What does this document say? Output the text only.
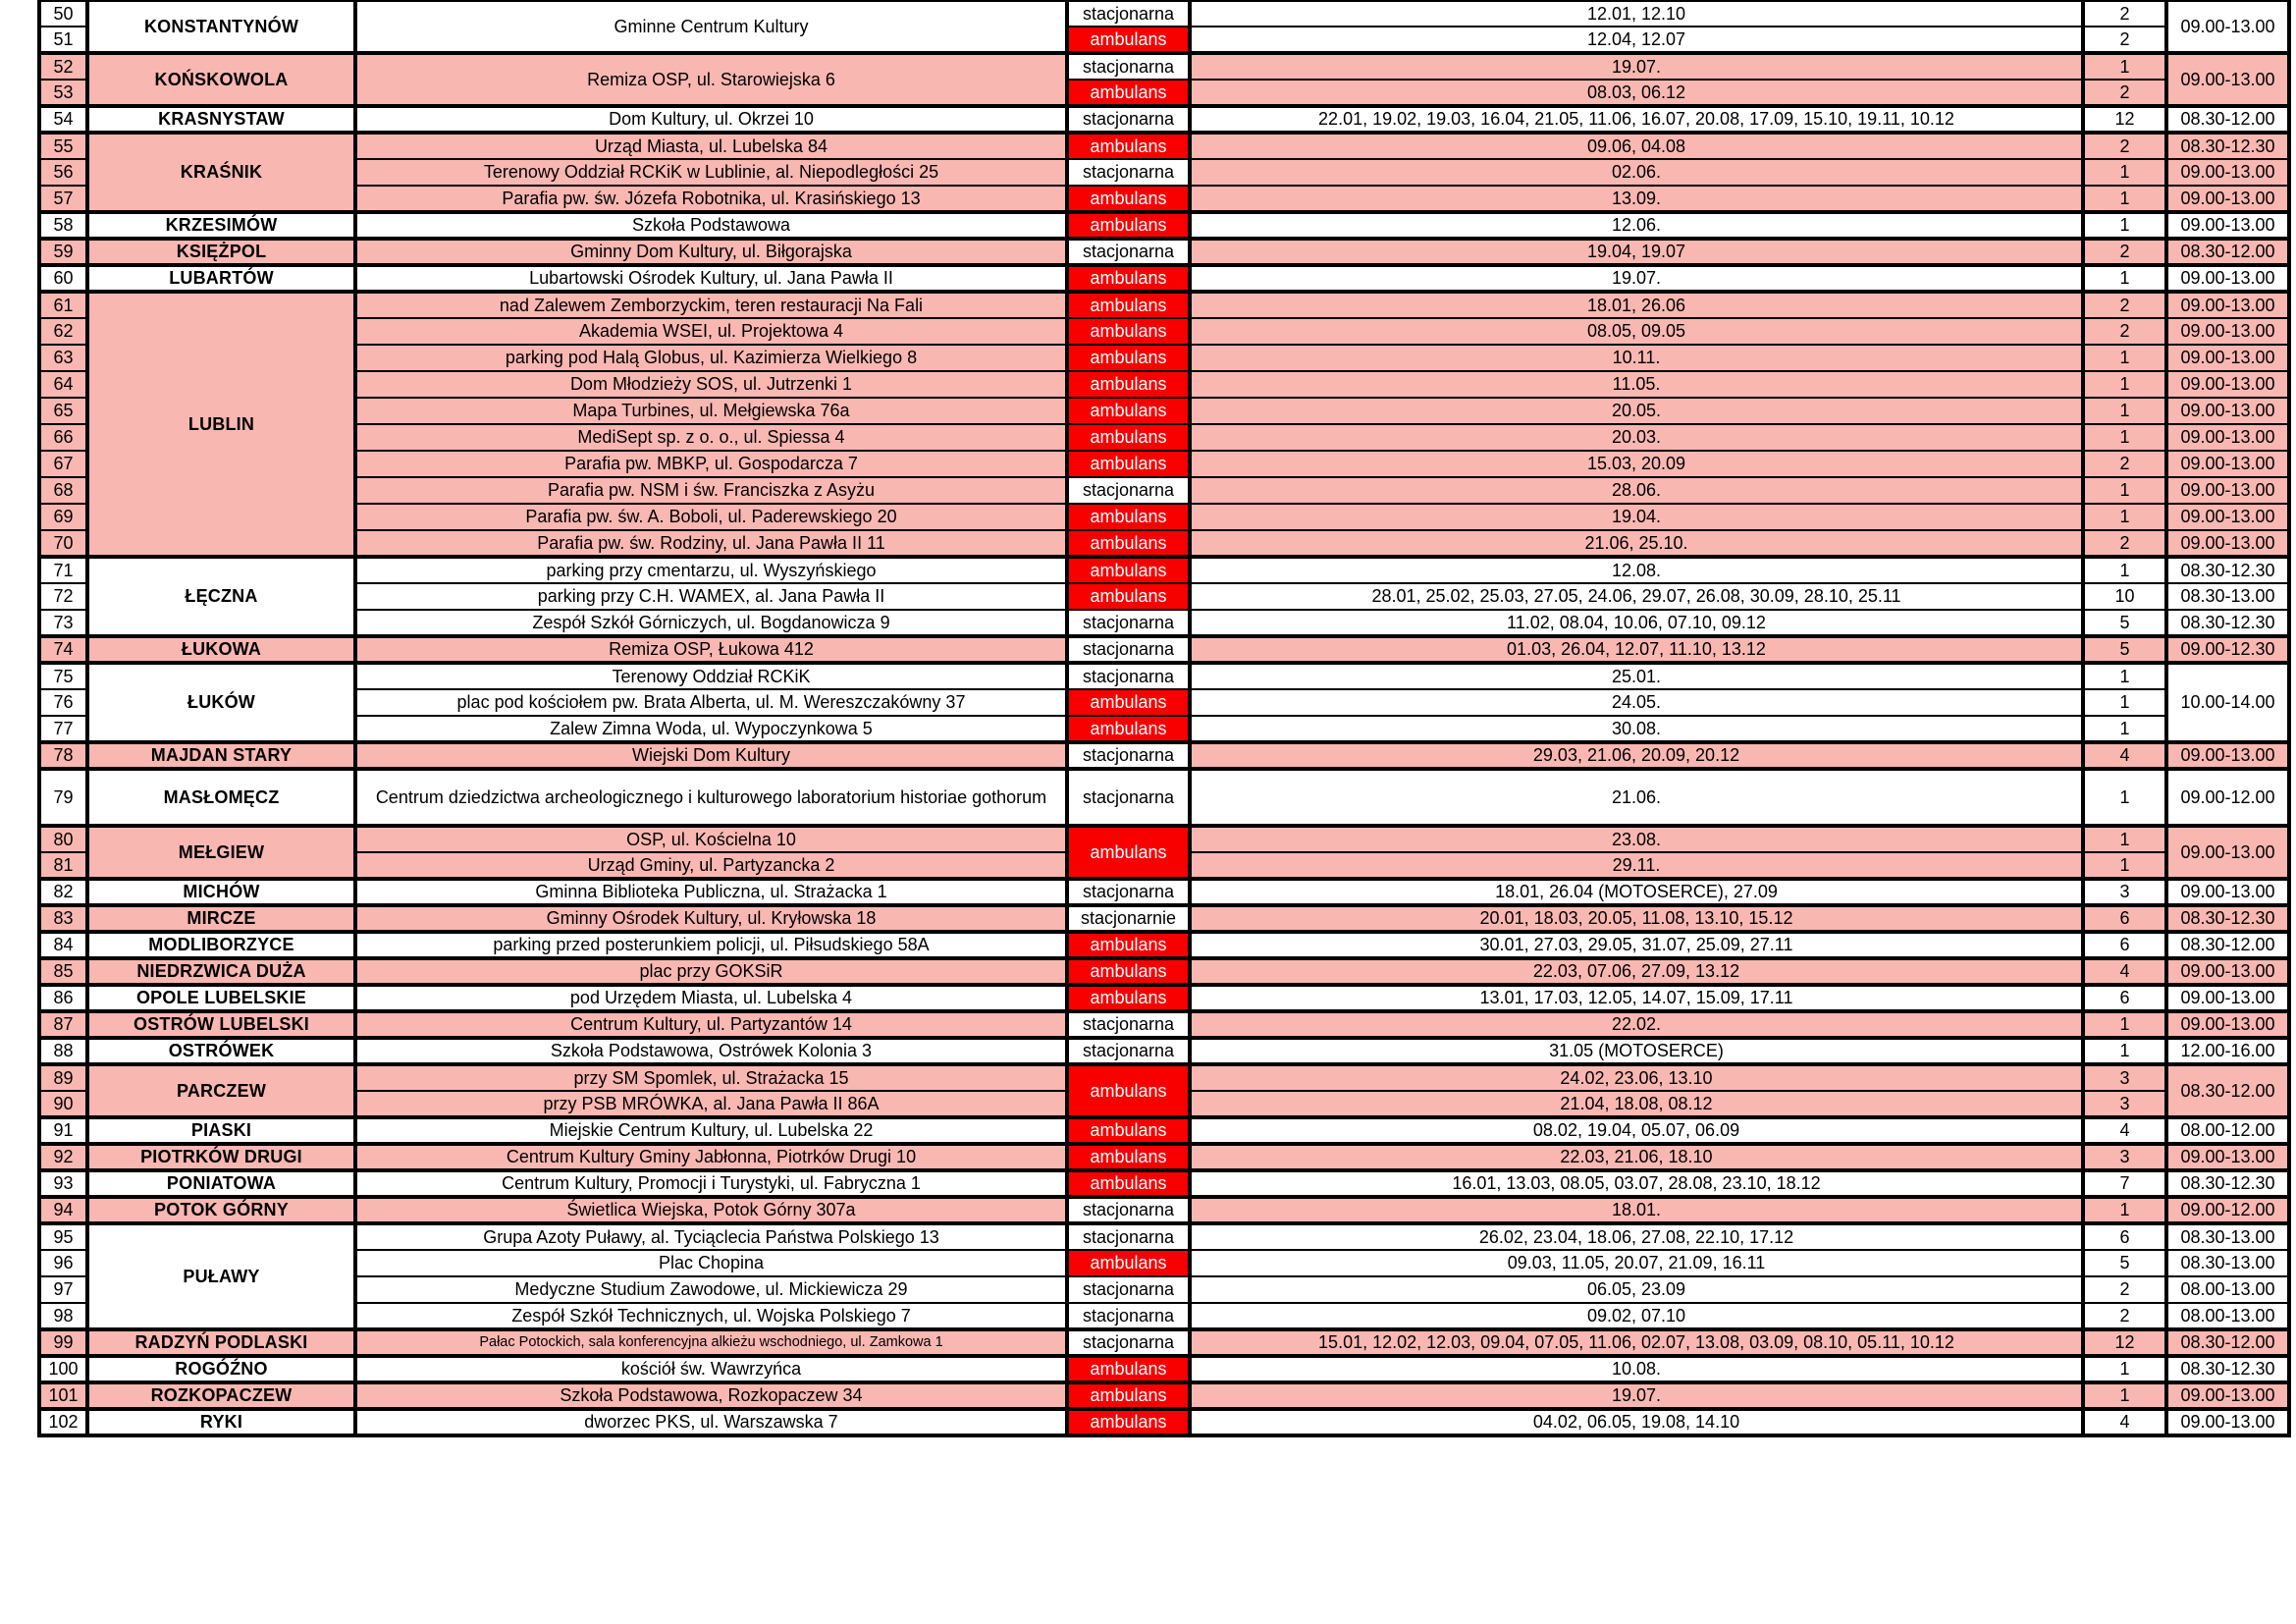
50	KONSTANTYNÓW	Gminne Centrum Kultury	stacjonarna	12.01, 12.10	2	09.00-13.00
51			ambulans	12.04, 12.07	2	
52	KOŃSKOWOLA	Remiza OSP, ul. Starowiejska 6	stacjonarna	19.07.	1	09.00-13.00
53			ambulans	08.03, 06.12	2	
54	KRASNYSTAW	Dom Kultury, ul. Okrzei 10	stacjonarna	22.01, 19.02, 19.03, 16.04, 21.05, 11.06, 16.07, 20.08, 17.09, 15.10, 19.11, 10.12	12	08.30-12.00
55	KRAŚNIK	Urząd Miasta, ul. Lubelska 84	ambulans	09.06, 04.08	2	08.30-12.30
56		Terenowy Oddział RCKiK w Lublinie, al. Niepodległości 25	stacjonarna	02.06.	1	09.00-13.00
57		Parafia pw. św. Józefa Robotnika, ul. Krasińskiego 13	ambulans	13.09.	1	09.00-13.00
58	KRZESIMÓW	Szkoła Podstawowa	ambulans	12.06.	1	09.00-13.00
59	KSIĘŻPOL	Gminny Dom Kultury, ul. Biłgorajska	stacjonarna	19.04, 19.07	2	08.30-12.00
60	LUBARTÓW	Lubartowski Ośrodek Kultury, ul. Jana Pawła II	ambulans	19.07.	1	09.00-13.00
61	LUBLIN	nad Zalewem Zemborzyckim, teren restauracji Na Fali	ambulans	18.01, 26.06	2	09.00-13.00
62		Akademia WSEI, ul. Projektowa 4	ambulans	08.05, 09.05	2	09.00-13.00
63		parking pod Halą Globus, ul. Kazimierza Wielkiego 8	ambulans	10.11.	1	09.00-13.00
64		Dom Młodzieży SOS, ul. Jutrzenki 1	ambulans	11.05.	1	09.00-13.00
65		Mapa Turbines, ul. Mełgiewska 76a	ambulans	20.05.	1	09.00-13.00
66		MediSept sp. z o. o., ul. Spiessa 4	ambulans	20.03.	1	09.00-13.00
67		Parafia pw. MBKP, ul. Gospodarcza 7	ambulans	15.03, 20.09	2	09.00-13.00
68		Parafia pw. NSM i św. Franciszka z Asyżu	stacjonarna	28.06.	1	09.00-13.00
69		Parafia pw. św. A. Boboli, ul. Paderewskiego 20	ambulans	19.04.	1	09.00-13.00
70		Parafia pw. św. Rodziny, ul. Jana Pawła II 11	ambulans	21.06, 25.10.	2	09.00-13.00
71	ŁĘCZNA	parking przy cmentarzu, ul. Wyszyńskiego	ambulans	12.08.	1	08.30-12.30
72		parking przy C.H. WAMEX, al. Jana Pawła II	ambulans	28.01, 25.02, 25.03, 27.05, 24.06, 29.07, 26.08, 30.09, 28.10, 25.11	10	08.30-13.00
73		Zespół Szkół Górniczych, ul. Bogdanowicza 9	stacjonarna	11.02, 08.04, 10.06, 07.10, 09.12	5	08.30-12.30
74	ŁUKOWA	Remiza OSP, Łukowa 412	stacjonarna	01.03, 26.04, 12.07, 11.10, 13.12	5	09.00-12.30
75	ŁUKÓW	Terenowy Oddział RCKiK	stacjonarna	25.01.	1	10.00-14.00
76		plac pod kościołem pw. Brata Alberta, ul. M. Wereszczakówny 37	ambulans	24.05.	1	
77		Zalew Zimna Woda, ul. Wypoczynkowa 5	ambulans	30.08.	1	
78	MAJDAN STARY	Wiejski Dom Kultury	stacjonarna	29.03, 21.06, 20.09, 20.12	4	09.00-13.00
79	MASŁOMĘCZ	Centrum dziedzictwa archeologicznego i kulturowego laboratorium historiae gothorum	stacjonarna	21.06.	1	09.00-12.00
80	MEŁGIEW	OSP, ul. Kościelna 10	ambulans	23.08.	1	09.00-13.00
81		Urząd Gminy, ul. Partyzancka 2		29.11.	1	
82	MICHÓW	Gminna Biblioteka Publiczna, ul. Strażacka 1	stacjonarna	18.01, 26.04 (MOTOSERCE), 27.09	3	09.00-13.00
83	MIRCZE	Gminny Ośrodek Kultury, ul. Kryłowska 18	stacjonarnie	20.01, 18.03, 20.05, 11.08, 13.10, 15.12	6	08.30-12.30
84	MODLIBORZYCE	parking przed posterunkiem policji, ul. Piłsudskiego 58A	ambulans	30.01, 27.03, 29.05, 31.07, 25.09, 27.11	6	08.30-12.00
85	NIEDRZWICA DUŻA	plac przy GOKSiR	ambulans	22.03, 07.06, 27.09, 13.12	4	09.00-13.00
86	OPOLE LUBELSKIE	pod Urzędem Miasta, ul. Lubelska 4	ambulans	13.01, 17.03, 12.05, 14.07, 15.09, 17.11	6	09.00-13.00
87	OSTRÓW LUBELSKI	Centrum Kultury, ul. Partyzantów 14	stacjonarna	22.02.	1	09.00-13.00
88	OSTRÓWEK	Szkoła Podstawowa, Ostrówek Kolonia 3	stacjonarna	31.05 (MOTOSERCE)	1	12.00-16.00
89	PARCZEW	przy SM Spomlek, ul. Strażacka 15	ambulans	24.02, 23.06, 13.10	3	08.30-12.00
90		przy PSB MRÓWKA, al. Jana Pawła II 86A		21.04, 18.08, 08.12	3	
91	PIASKI	Miejskie Centrum Kultury, ul. Lubelska 22	ambulans	08.02, 19.04, 05.07, 06.09	4	08.00-12.00
92	PIOTRKÓW DRUGI	Centrum Kultury Gminy Jabłonna, Piotrków Drugi 10	ambulans	22.03, 21.06, 18.10	3	09.00-13.00
93	PONIATOWA	Centrum Kultury, Promocji i Turystyki, ul. Fabryczna 1	ambulans	16.01, 13.03, 08.05, 03.07, 28.08, 23.10, 18.12	7	08.30-12.30
94	POTOK GÓRNY	Świetlica Wiejska, Potok Górny 307a	stacjonarna	18.01.	1	09.00-12.00
95	PUŁAWY	Grupa Azoty Puławy, al. Tyciąclecia Państwa Polskiego 13	stacjonarna	26.02, 23.04, 18.06, 27.08, 22.10, 17.12	6	08.30-13.00
96		Plac Chopina	ambulans	09.03, 11.05, 20.07, 21.09, 16.11	5	08.30-13.00
97		Medyczne Studium Zawodowe, ul. Mickiewicza 29	stacjonarna	06.05, 23.09	2	08.00-13.00
98		Zespół Szkół Technicznych, ul. Wojska Polskiego 7	stacjonarna	09.02, 07.10	2	08.00-13.00
99	RADZYŃ PODLASKI	Pałac Potockich, sala konferencyjna alkieżu wschodniego, ul. Zamkowa 1	stacjonarna	15.01, 12.02, 12.03, 09.04, 07.05, 11.06, 02.07, 13.08, 03.09, 08.10, 05.11, 10.12	12	08.30-12.00
100	ROGÓŹNO	kościół św. Wawrzyńca	ambulans	10.08.	1	08.30-12.30
101	ROZKOPACZEW	Szkoła Podstawowa, Rozkopaczew 34	ambulans	19.07.	1	09.00-13.00
102	RYKI	dworzec PKS, ul. Warszawska 7	ambulans	04.02, 06.05, 19.08, 14.10	4	09.00-13.00
